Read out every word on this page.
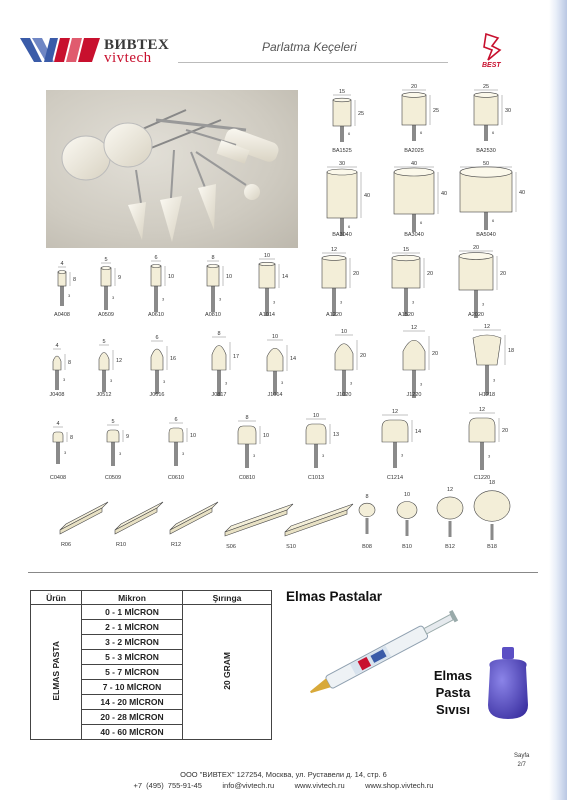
ВИВТЕХ
vivtech
Parlatma Keçeleri
BEST
15
25
6
BA1525
20
25
6
BA2025
25
30
6
BA2530
30
40
6
BA3040
40
40
6
BA3040
50
40
6
BA5040
4
8
3
A0408
5
9
3
A0509
6
10
3
A0610
8
10
3
A0810
10
14
3
A1014
12
20
3
A1220
15
20
3
A1520
20
20
3
A2020
4
8
3
J0408
5
12
3
J0512
6
16
3
J0616
8
17
3
J0817
10
14
3
J1014
10
20
3
J1020
12
20
3
J1220
12
18
3
H1218
4
8
3
C0408
5
9
3
C0509
6
10
3
C0610
8
10
3
C0810
10
13
3
C1013
12
14
3
C1214
12
20
3
C1220
R06	R10	R12	S06	S10
8
B08
10
B10
12
B12
18
B18
Ürün	Mikron	Şırınga
ELMAS PASTA	0 - 1 MİCRON	20 GRAM
	2 - 1 MİCRON	
	3 - 2 MİCRON	
	5 - 3 MİCRON	
	5 - 7 MİCRON	
	7 - 10 MİCRON	
	14 - 20 MİCRON	
	20 - 28 MİCRON	
	40 - 60 MİCRON	
Elmas Pastalar
Elmas
Pasta
Sıvısı
Sayfa
2/7
ООО "ВИВТЕХ" 127254, Москва, ул. Руставели д. 14, стр. 6
+7 (495) 755-91-45	info@vivtech.ru	www.vivtech.ru	www.shop.vivtech.ru
